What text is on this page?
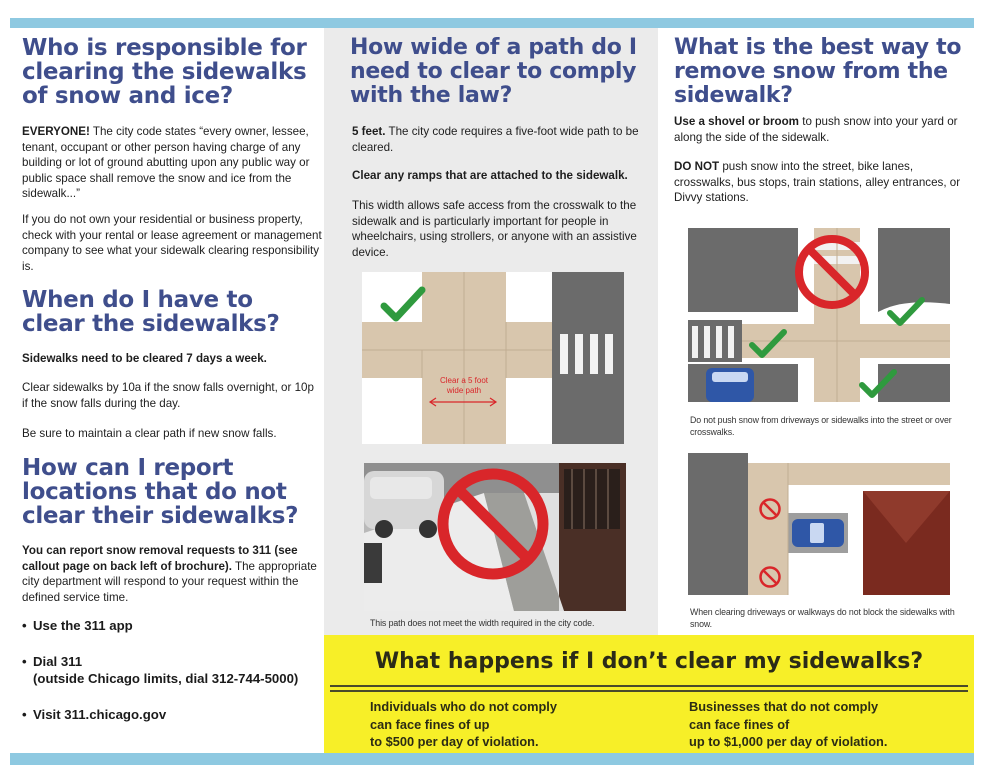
Who is responsible for clearing the sidewalks of snow and ice?
EVERYONE! The city code states “every owner, lessee, tenant, occupant or other person having charge of any building or lot of ground abutting upon any public way or public space shall remove the snow and ice from the sidewalk...”
If you do not own your residential or business property, check with your rental or lease agreement or management company to see what your sidewalk clearing responsibility is.
When do I have to clear the sidewalks?
Sidewalks need to be cleared 7 days a week.
Clear sidewalks by 10a if the snow falls overnight, or 10p if the snow falls during the day.
Be sure to maintain a clear path if new snow falls.
How can I report locations that do not clear their sidewalks?
You can report snow removal requests to 311 (see callout page on back left of brochure). The appropriate city department will respond to your request within the defined service time.
• Use the 311 app
• Dial 311
(outside Chicago limits, dial 312-744-5000)
• Visit 311.chicago.gov
How wide of a path do I need to clear to comply with the law?
5 feet. The city code requires a five-foot wide path to be cleared.
Clear any ramps that are attached to the sidewalk.
This width allows safe access from the crosswalk to the sidewalk and is particularly important for people in wheelchairs, using strollers, or anyone with an assistive device.
Clear a 5 foot
wide path
This path does not meet the width required in the city code.
What is the best way to remove snow from the sidewalk?
Use a shovel or broom to push snow into your yard or along the side of the sidewalk.
DO NOT push snow into the street, bike lanes, crosswalks, bus stops, train stations, alley entrances, or Divvy stations.
Do not push snow from driveways or sidewalks into the street or over crosswalks.
When clearing driveways or walkways do not block the sidewalks with snow.
What happens if I don’t clear my sidewalks?
Individuals who do not comply
can face fines of up
to $500 per day of violation.
Businesses that do not comply
can face fines of
up to $1,000 per day of violation.
